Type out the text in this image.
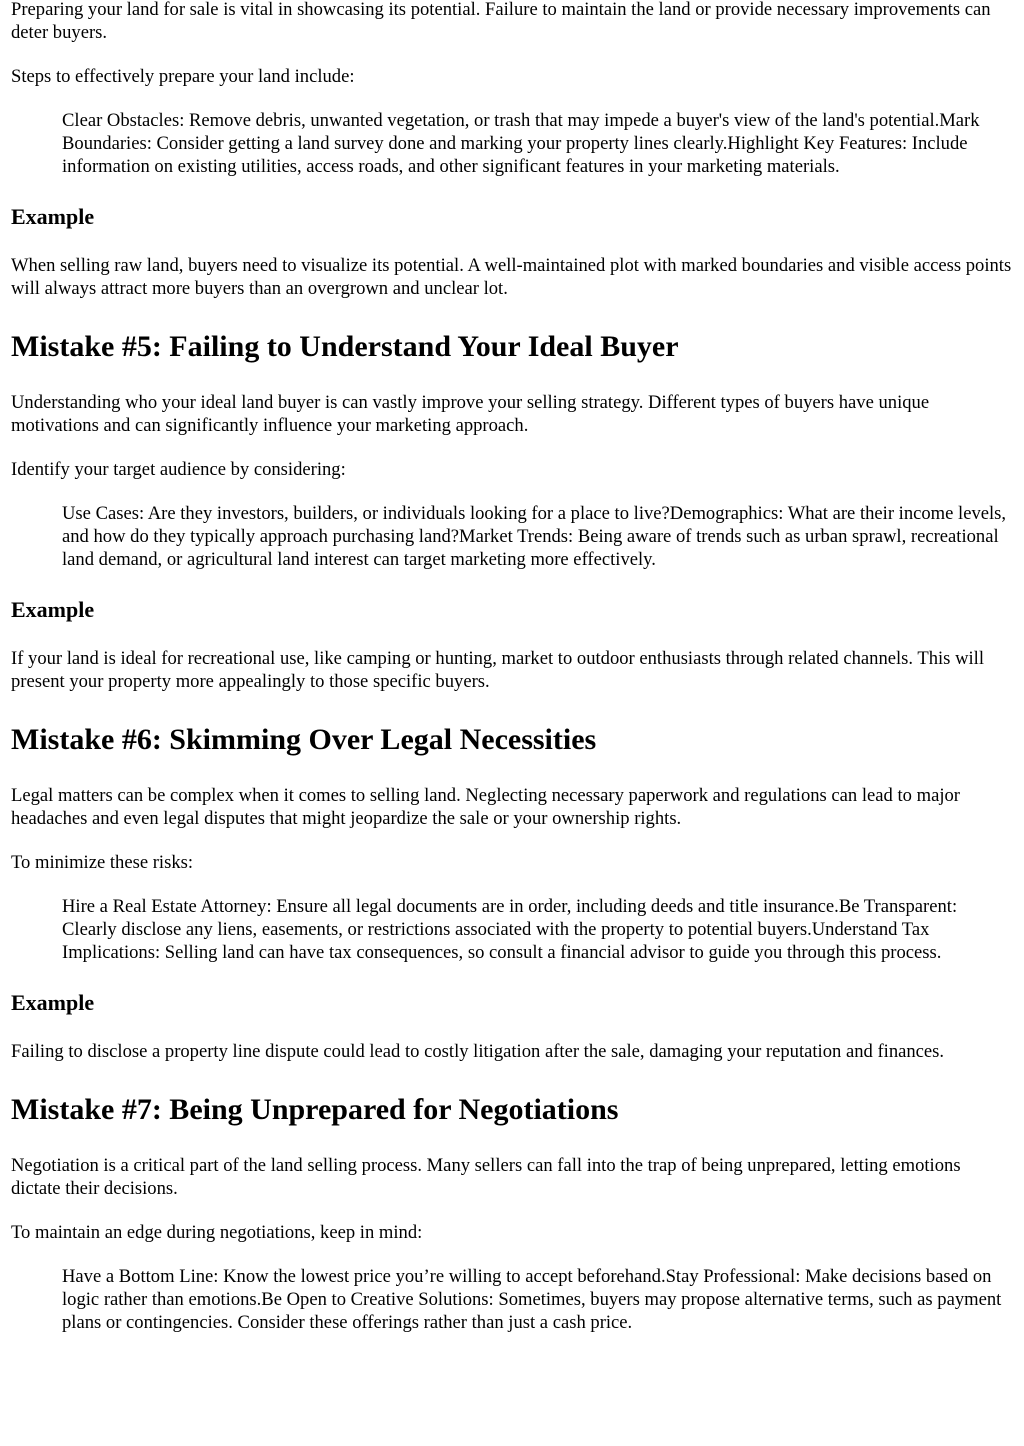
Preparing your land for sale is vital in showcasing its potential. Failure to maintain the land or provide necessary improvements can deter buyers.

Steps to effectively prepare your land include:

Clear Obstacles: Remove debris, unwanted vegetation, or trash that may impede a buyer's view of the land's potential.Mark Boundaries: Consider getting a land survey done and marking your property lines clearly.Highlight Key Features: Include information on existing utilities, access roads, and other significant features in your marketing materials.
Example

When selling raw land, buyers need to visualize its potential. A well-maintained plot with marked boundaries and visible access points will always attract more buyers than an overgrown and unclear lot.

Mistake #5: Failing to Understand Your Ideal Buyer

Understanding who your ideal land buyer is can vastly improve your selling strategy. Different types of buyers have unique motivations and can significantly influence your marketing approach.

Identify your target audience by considering:

Use Cases: Are they investors, builders, or individuals looking for a place to live?Demographics: What are their income levels, and how do they typically approach purchasing land?Market Trends: Being aware of trends such as urban sprawl, recreational land demand, or agricultural land interest can target marketing more effectively.
Example

If your land is ideal for recreational use, like camping or hunting, market to outdoor enthusiasts through related channels. This will present your property more appealingly to those specific buyers.

Mistake #6: Skimming Over Legal Necessities

Legal matters can be complex when it comes to selling land. Neglecting necessary paperwork and regulations can lead to major headaches and even legal disputes that might jeopardize the sale or your ownership rights.

To minimize these risks:

Hire a Real Estate Attorney: Ensure all legal documents are in order, including deeds and title insurance.Be Transparent: Clearly disclose any liens, easements, or restrictions associated with the property to potential buyers.Understand Tax Implications: Selling land can have tax consequences, so consult a financial advisor to guide you through this process.
Example

Failing to disclose a property line dispute could lead to costly litigation after the sale, damaging your reputation and finances.

Mistake #7: Being Unprepared for Negotiations

Negotiation is a critical part of the land selling process. Many sellers can fall into the trap of being unprepared, letting emotions dictate their decisions.

To maintain an edge during negotiations, keep in mind:

Have a Bottom Line: Know the lowest price you’re willing to accept beforehand.Stay Professional: Make decisions based on logic rather than emotions.Be Open to Creative Solutions: Sometimes, buyers may propose alternative terms, such as payment plans or contingencies. Consider these offerings rather than just a cash price.
